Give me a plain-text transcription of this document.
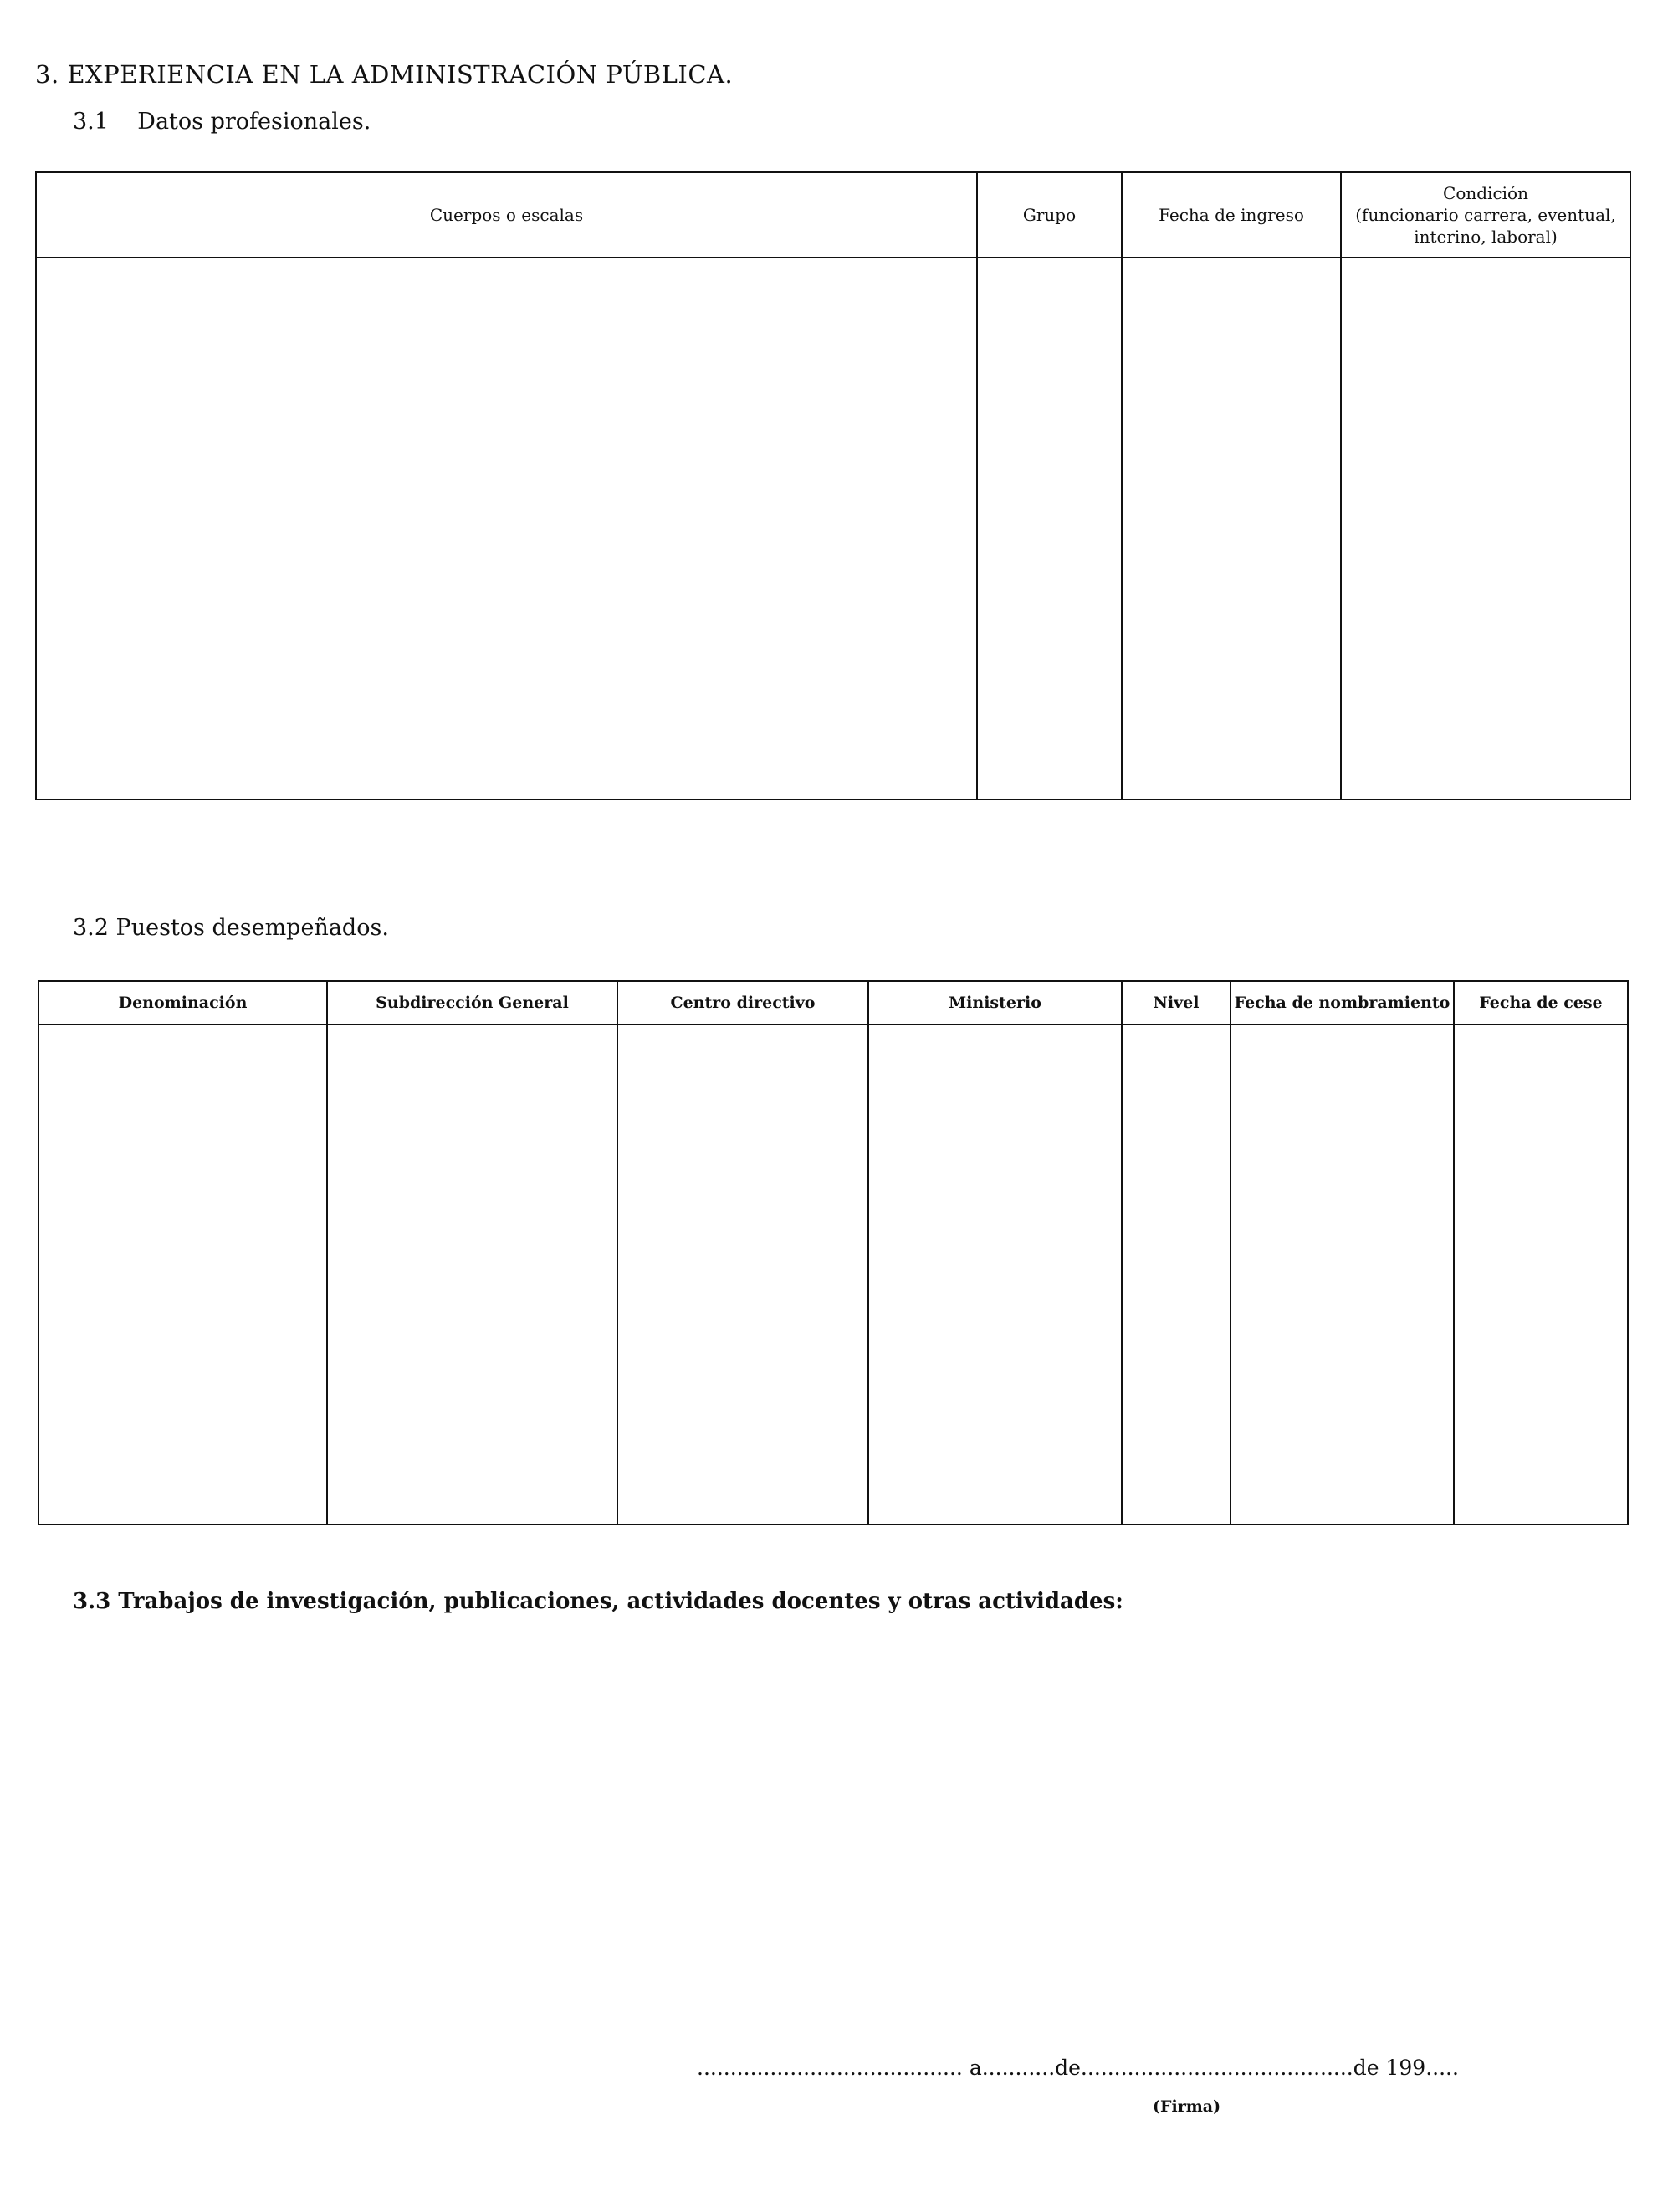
3. EXPERIENCIA EN LA ADMINISTRACIÓN PÚBLICA.
3.1 Datos profesionales.
Cuerpos o escalas	Grupo	Fecha de ingreso	Condición
(funcionario carrera, eventual, interino, laboral)

3.2 Puestos desempeñados.
Denominación	Subdirección General	Centro directivo	Ministerio	Nivel	Fecha de nombramiento	Fecha de cese

3.3 Trabajos de investigación, publicaciones, actividades docentes y otras actividades:
........................................ a...........de.........................................de 199.....
(Firma)
